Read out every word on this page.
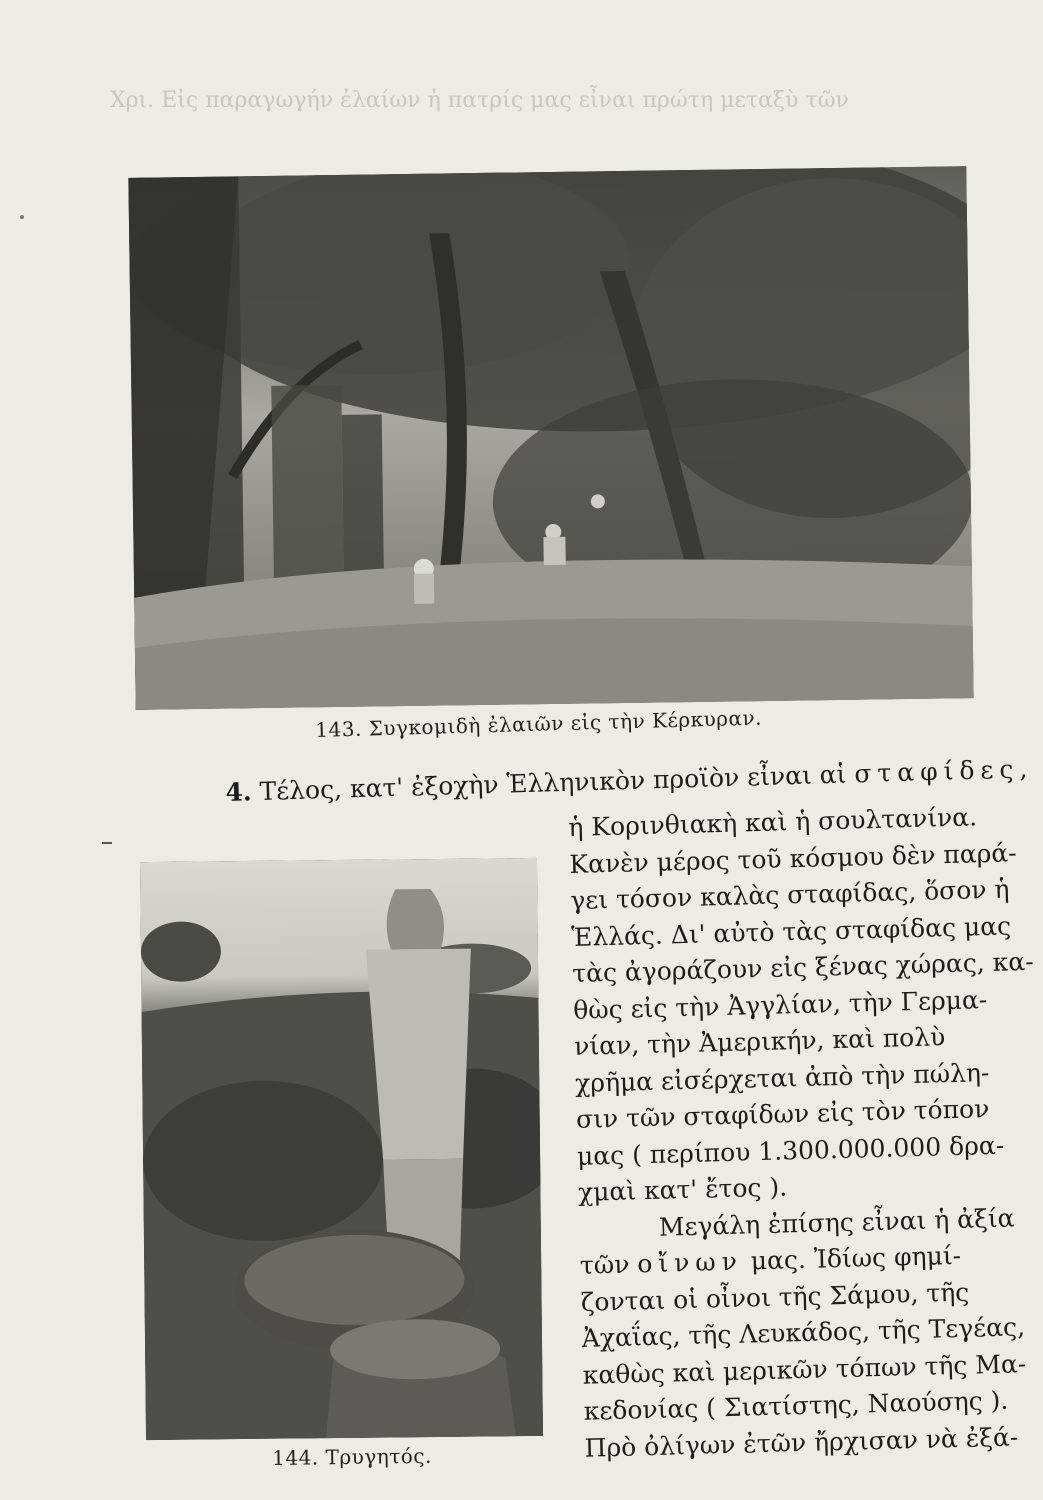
Χρι. Εἰς παραγωγήν ἐλαίων ἡ πατρίς μας εἶναι πρώτη μεταξὺ τῶν
143. Συγκομιδὴ ἐλαιῶν εἰς τὴν Κέρκυραν.
4. Τέλος, κατ' ἐξοχὴν Ἑλληνικὸν προϊὸν εἶναι αἱ σταφίδες,
144. Τρυγητός.
ἡ Κορινθιακὴ καὶ ἡ σουλτανίνα.
Κανὲν μέρος τοῦ κόσμου δὲν παρά-
γει τόσον καλὰς σταφίδας, ὅσον ἡ
Ἑλλάς. Δι' αὐτὸ τὰς σταφίδας μας
τὰς ἀγοράζουν εἰς ξένας χώρας, κα-
θὼς εἰς τὴν Ἀγγλίαν, τὴν Γερμα-
νίαν, τὴν Ἀμερικήν, καὶ πολὺ
χρῆμα εἰσέρχεται ἀπὸ τὴν πώλη-
σιν τῶν σταφίδων εἰς τὸν τόπον
μας ( περίπου 1.300.000.000 δρα-
χμαὶ κατ' ἔτος ).
Μεγάλη ἐπίσης εἶναι ἡ ἀξία
τῶν οἴνων μας. Ἰδίως φημί-
ζονται οἱ οἶνοι τῆς Σάμου, τῆς
Ἀχαΐας, τῆς Λευκάδος, τῆς Τεγέας,
καθὼς καὶ μερικῶν τόπων τῆς Μα-
κεδονίας ( Σιατίστης, Ναούσης ).
Πρὸ ὀλίγων ἐτῶν ἤρχισαν νὰ ἐξά-
